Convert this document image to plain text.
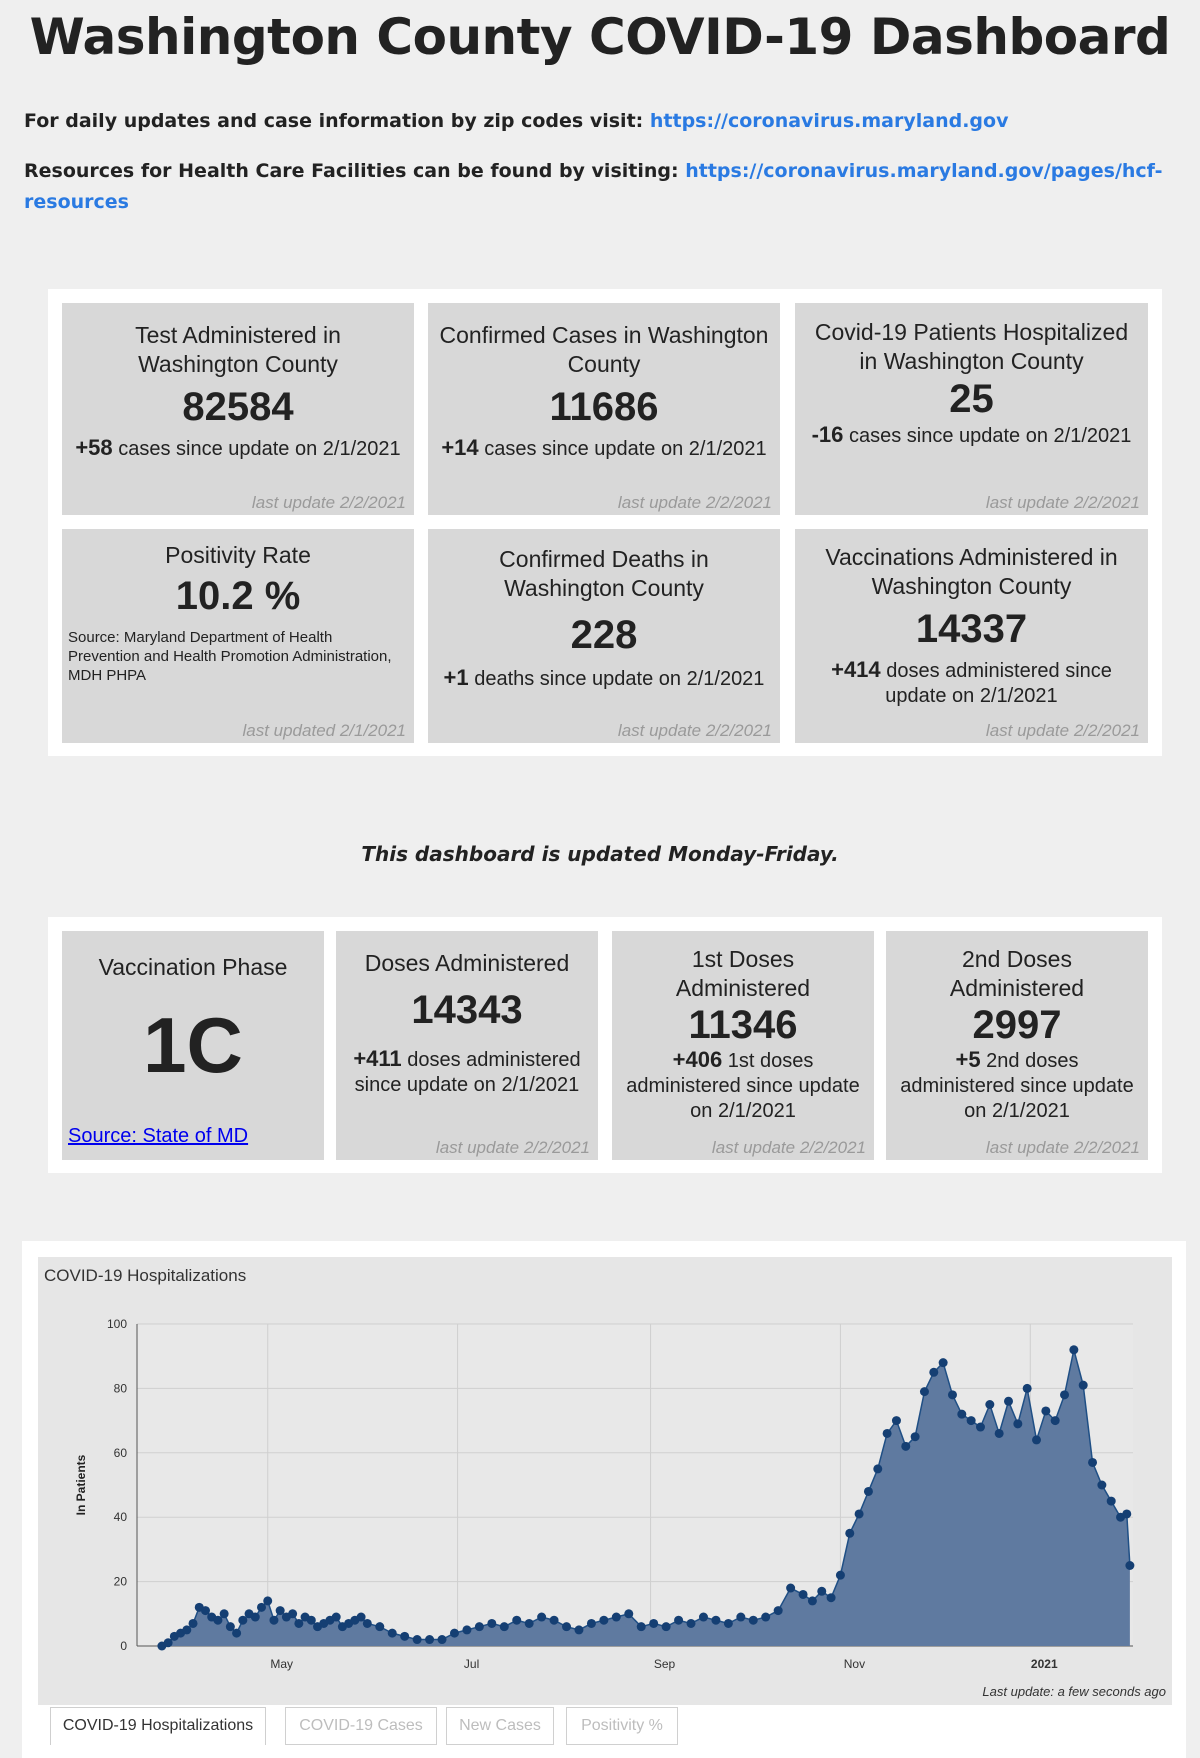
Washington County COVID-19 Dashboard
For daily updates and case information by zip codes visit: https://coronavirus.maryland.gov
Resources for Health Care Facilities can be found by visiting: https://coronavirus.maryland.gov/pages/hcf-resources
Test Administered in Washington County
82584
+58 cases since update on 2/1/2021
last update 2/2/2021
Confirmed Cases in Washington County
11686
+14 cases since update on 2/1/2021
last update 2/2/2021
Covid-19 Patients Hospitalized in Washington County
25
-16 cases since update on 2/1/2021
last update 2/2/2021
Positivity Rate
10.2 %
Source: Maryland Department of Health Prevention and Health Promotion Administration, MDH PHPA
last updated 2/1/2021
Confirmed Deaths in Washington County
228
+1 deaths since update on 2/1/2021
last update 2/2/2021
Vaccinations Administered in Washington County
14337
+414 doses administered since update on 2/1/2021
last update 2/2/2021
This dashboard is updated Monday-Friday.
Vaccination Phase
1C
Source: State of MD
Doses Administered
14343
+411 doses administered since update on 2/1/2021
last update 2/2/2021
1st Doses Administered
11346
+406 1st doses administered since update on 2/1/2021
last update 2/2/2021
2nd Doses Administered
2997
+5 2nd doses administered since update on 2/1/2021
last update 2/2/2021
COVID-19 Hospitalizations
0
20
40
60
80
100
May	Jul	Sep	Nov	2021
In Patients
Last update: a few seconds ago
COVID-19 Hospitalizations	COVID-19 Cases	New Cases	Positivity %
